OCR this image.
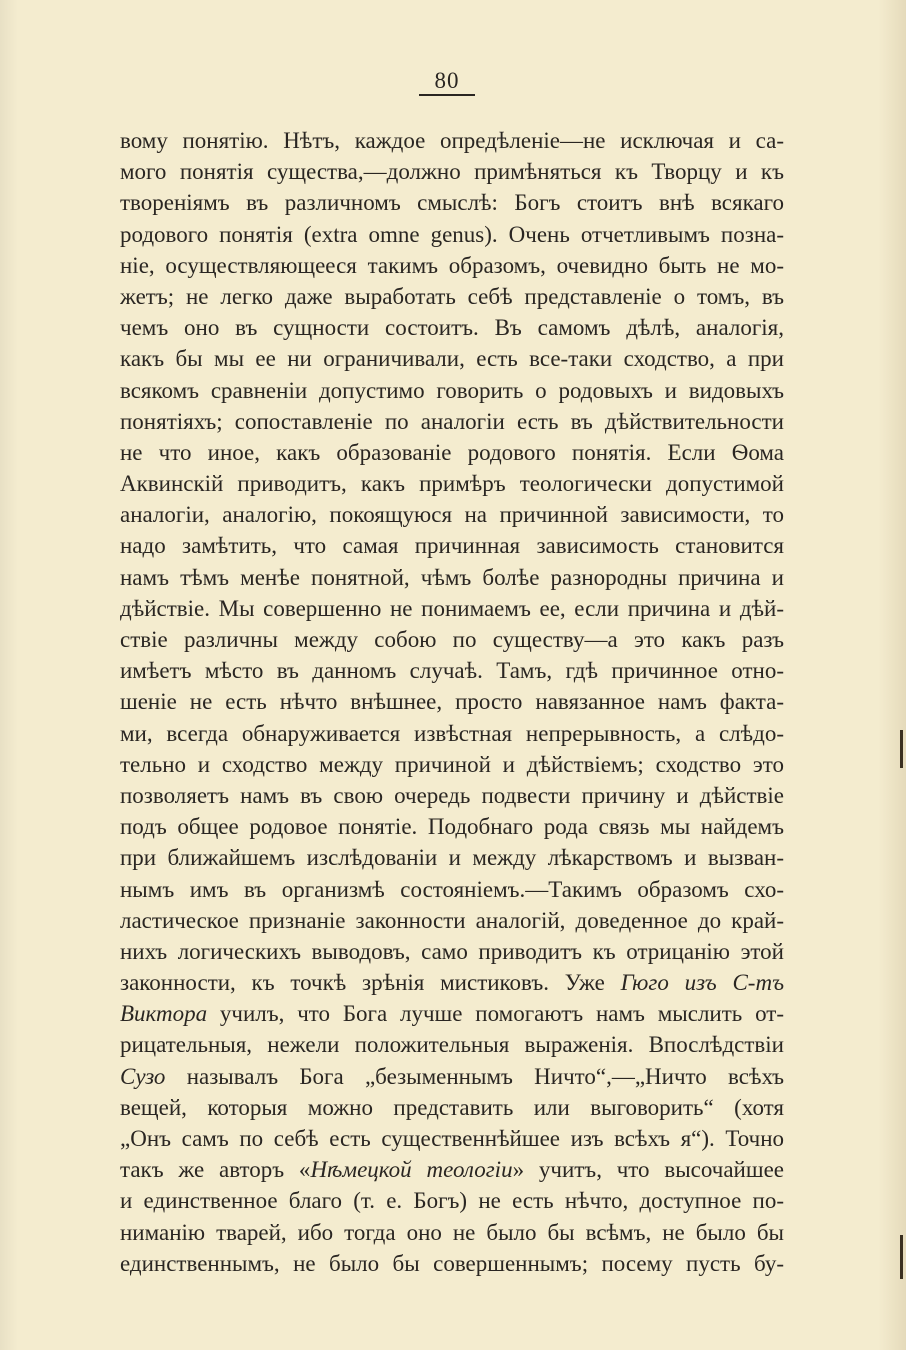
80
вому понятію. Нѣтъ, каждое опредѣленіе—не исключая и са-
мого понятія существа,—должно примѣняться къ Творцу и къ
твореніямъ въ различномъ смыслѣ: Богъ стоитъ внѣ всякаго
родового понятія (extra omne genus). Очень отчетливымъ позна-
ніе, осуществляющееся такимъ образомъ, очевидно быть не мо-
жетъ; не легко даже выработать себѣ представленіе о томъ, въ
чемъ оно въ сущности состоитъ. Въ самомъ дѣлѣ, аналогія,
какъ бы мы ее ни ограничивали, есть все-таки сходство, а при
всякомъ сравненіи допустимо говорить о родовыхъ и видовыхъ
понятіяхъ; сопоставленіе по аналогіи есть въ дѣйствительности
не что иное, какъ образованіе родового понятія. Если Ѳома
Аквинскій приводитъ, какъ примѣръ теологически допустимой
аналогіи, аналогію, покоящуюся на причинной зависимости, то
надо замѣтить, что самая причинная зависимость становится
намъ тѣмъ менѣе понятной, чѣмъ болѣе разнородны причина и
дѣйствіе. Мы совершенно не понимаемъ ее, если причина и дѣй-
ствіе различны между собою по существу—а это какъ разъ
имѣетъ мѣсто въ данномъ случаѣ. Тамъ, гдѣ причинное отно-
шеніе не есть нѣчто внѣшнее, просто навязанное намъ факта-
ми, всегда обнаруживается извѣстная непрерывность, а слѣдо-
тельно и сходство между причиной и дѣйствіемъ; сходство это
позволяетъ намъ въ свою очередь подвести причину и дѣйствіе
подъ общее родовое понятіе. Подобнаго рода связь мы найдемъ
при ближайшемъ изслѣдованіи и между лѣкарствомъ и вызван-
нымъ имъ въ организмѣ состояніемъ.—Такимъ образомъ схо-
ластическое признаніе законности аналогій, доведенное до край-
нихъ логическихъ выводовъ, само приводитъ къ отрицанію этой
законности, къ точкѣ зрѣнія мистиковъ. Уже Гюго изъ С-тъ
Виктора училъ, что Бога лучше помогаютъ намъ мыслить от-
рицательныя, нежели положительныя выраженія. Впослѣдствіи
Сузо называлъ Бога „безыменнымъ Ничто“,—„Ничто всѣхъ
вещей, которыя можно представить или выговорить“ (хотя
„Онъ самъ по себѣ есть существеннѣйшее изъ всѣхъ я“). Точно
такъ же авторъ «Нѣмецкой теологіи» учитъ, что высочайшее
и единственное благо (т. е. Богъ) не есть нѣчто, доступное по-
ниманію тварей, ибо тогда оно не было бы всѣмъ, не было бы
единственнымъ, не было бы совершеннымъ; посему пусть бу-
